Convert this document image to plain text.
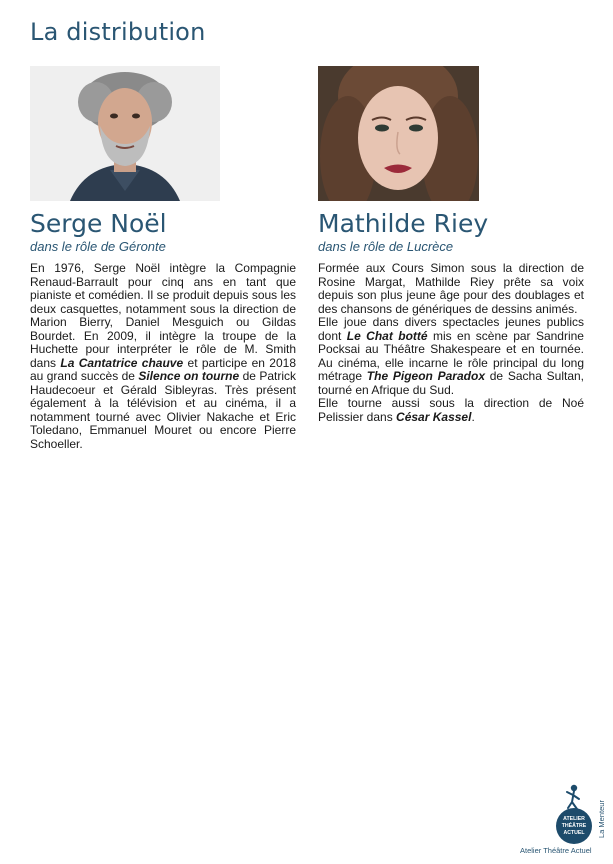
La distribution
Serge Noël
dans le rôle de Géronte

En 1976, Serge Noël intègre la Compagnie Renaud-Barrault pour cinq ans en tant que pianiste et comédien. Il se produit depuis sous les deux casquettes, notamment sous la direction de Marion Bierry, Daniel Mesguich ou Gildas Bourdet. En 2009, il intègre la troupe de la Huchette pour interpréter le rôle de M. Smith dans La Cantatrice chauve et participe en 2018 au grand succès de Silence on tourne de Patrick Haudecoeur et Gérald Sibleyras. Très présent également à la télévision et au cinéma, il a notamment tourné avec Olivier Nakache et Eric Toledano, Emmanuel Mouret ou encore Pierre Schoeller.

Mathilde Riey
dans le rôle de Lucrèce

Formée aux Cours Simon sous la direction de Rosine Margat, Mathilde Riey prête sa voix depuis son plus jeune âge pour des doublages et des chansons de génériques de dessins animés.

Elle joue dans divers spectacles jeunes publics dont Le Chat botté mis en scène par Sandrine Pocksai au Théâtre Shakespeare et en tournée. Au cinéma, elle incarne le rôle principal du long métrage The Pigeon Paradox de Sacha Sultan, tourné en Afrique du Sud.

Elle tourne aussi sous la direction de Noé Pelissier dans César Kassel.

ATELIER
THÉÂTRE
ACTUEL
Atelier Théâtre Actuel
La Menteur
